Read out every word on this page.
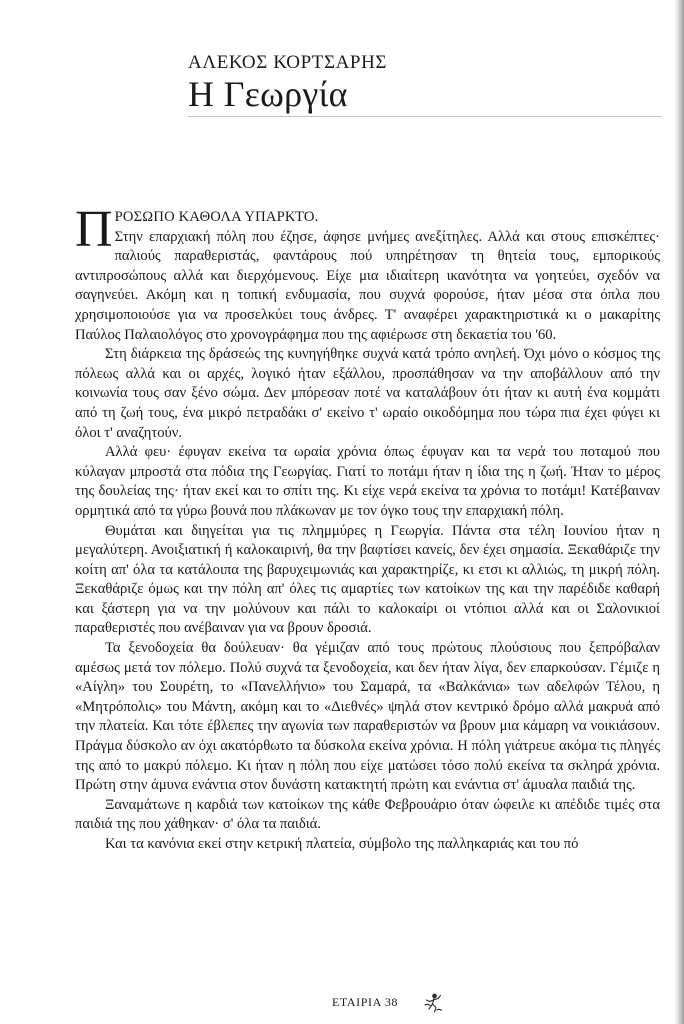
ΑΛΕΚΟΣ ΚΟΡΤΣΑΡΗΣ
Η Γεωργία

ΠΡΟΣΩΠΟ ΚΑΘΟΛΑ ΥΠΑΡΚΤΟ.
Στην επαρχιακή πόλη που έζησε, άφησε μνήμες ανεξίτηλες. Αλλά και στους επισκέπτες· παλιούς παραθεριστάς, φαντάρους πού υπηρέτησαν τη θητεία τους, εμπορικούς αντιπροσώπους αλλά και διερχόμενους. Είχε μια ιδιαίτερη ικανότητα να γοητεύει, σχεδόν να σαγηνεύει. Ακόμη και η τοπική ενδυμασία, που συχνά φορούσε, ήταν μέσα στα όπλα που χρησιμοποιούσε για να προσελκύει τους άνδρες. Τ' αναφέρει χαρακτηριστικά κι ο μακαρίτης Παύλος Παλαιολόγος στο χρονογράφημα που της αφιέρωσε στη δεκαετία του '60.

Στη διάρκεια της δράσεώς της κυνηγήθηκε συχνά κατά τρόπο ανηλεή. Όχι μόνο ο κόσμος της πόλεως αλλά και οι αρχές, λογικό ήταν εξάλλου, προσπάθησαν να την αποβάλλουν από την κοινωνία τους σαν ξένο σώμα. Δεν μπόρεσαν ποτέ να καταλάβουν ότι ήταν κι αυτή ένα κομμάτι από τη ζωή τους, ένα μικρό πετραδάκι σ' εκείνο τ' ωραίο οικοδόμημα που τώρα πια έχει φύγει κι όλοι τ' αναζητούν.

Αλλά φευ· έφυγαν εκείνα τα ωραία χρόνια όπως έφυγαν και τα νερά του ποταμού που κύλαγαν μπροστά στα πόδια της Γεωργίας. Γιατί το ποτάμι ήταν η ίδια της η ζωή. Ήταν το μέρος της δουλείας της· ήταν εκεί και το σπίτι της. Κι είχε νερά εκείνα τα χρόνια το ποτάμι! Κατέβαιναν ορμητικά από τα γύρω βουνά που πλάκωναν με τον όγκο τους την επαρχιακή πόλη.

Θυμάται και διηγείται για τις πλημμύρες η Γεωργία. Πάντα στα τέλη Ιουνίου ήταν η μεγαλύτερη. Ανοιξιατική ή καλοκαιρινή, θα την βαφτίσει κανείς, δεν έχει σημασία. Ξεκαθάριζε την κοίτη απ' όλα τα κατάλοιπα της βαρυχειμωνιάς και χαρακτηρίζε, κι ετσι κι αλλιώς, τη μικρή πόλη. Ξεκαθάριζε όμως και την πόλη απ' όλες τις αμαρτίες των κατοίκων της και την παρέδιδε καθαρή και ξάστερη για να την μολύνουν και πάλι το καλοκαίρι οι ντόπιοι αλλά και οι Σαλονικιοί παραθεριστές που ανέβαιναν για να βρουν δροσιά.

Τα ξενοδοχεία θα δούλευαν· θα γέμιζαν από τους πρώτους πλούσιους που ξεπρόβαλαν αμέσως μετά τον πόλεμο. Πολύ συχνά τα ξενοδοχεία, και δεν ήταν λίγα, δεν επαρκούσαν. Γέμιζε η «Αίγλη» του Σουρέτη, το «Πανελλήνιο» του Σαμαρά, τα «Βαλκάνια» των αδελφών Τέλου, η «Μητρόπολις» του Μάντη, ακόμη και το «Διεθνές» ψηλά στον κεντρικό δρόμο αλλά μακρυά από την πλατεία. Και τότε έβλεπες την αγωνία των παραθεριστών να βρουν μια κάμαρη να νοικιάσουν. Πράγμα δύσκολο αν όχι ακατόρθωτο τα δύσκολα εκείνα χρόνια. Η πόλη γιάτρευε ακόμα τις πληγές της από το μακρύ πόλεμο. Κι ήταν η πόλη που είχε ματώσει τόσο πολύ εκείνα τα σκληρά χρόνια. Πρώτη στην άμυνα ενάντια στον δυνάστη κατακτητή πρώτη και ενάντια στ' άμυαλα παιδιά της.

Ξαναμάτωνε η καρδιά των κατοίκων της κάθε Φεβρουάριο όταν ώφειλε κι απέδιδε τιμές στα παιδιά της που χάθηκαν· σ' όλα τα παιδιά.

Και τα κανόνια εκεί στην κετρική πλατεία, σύμβολο της παλληκαριάς και του πό

ΕΤΑΙΡΙΑ 38
